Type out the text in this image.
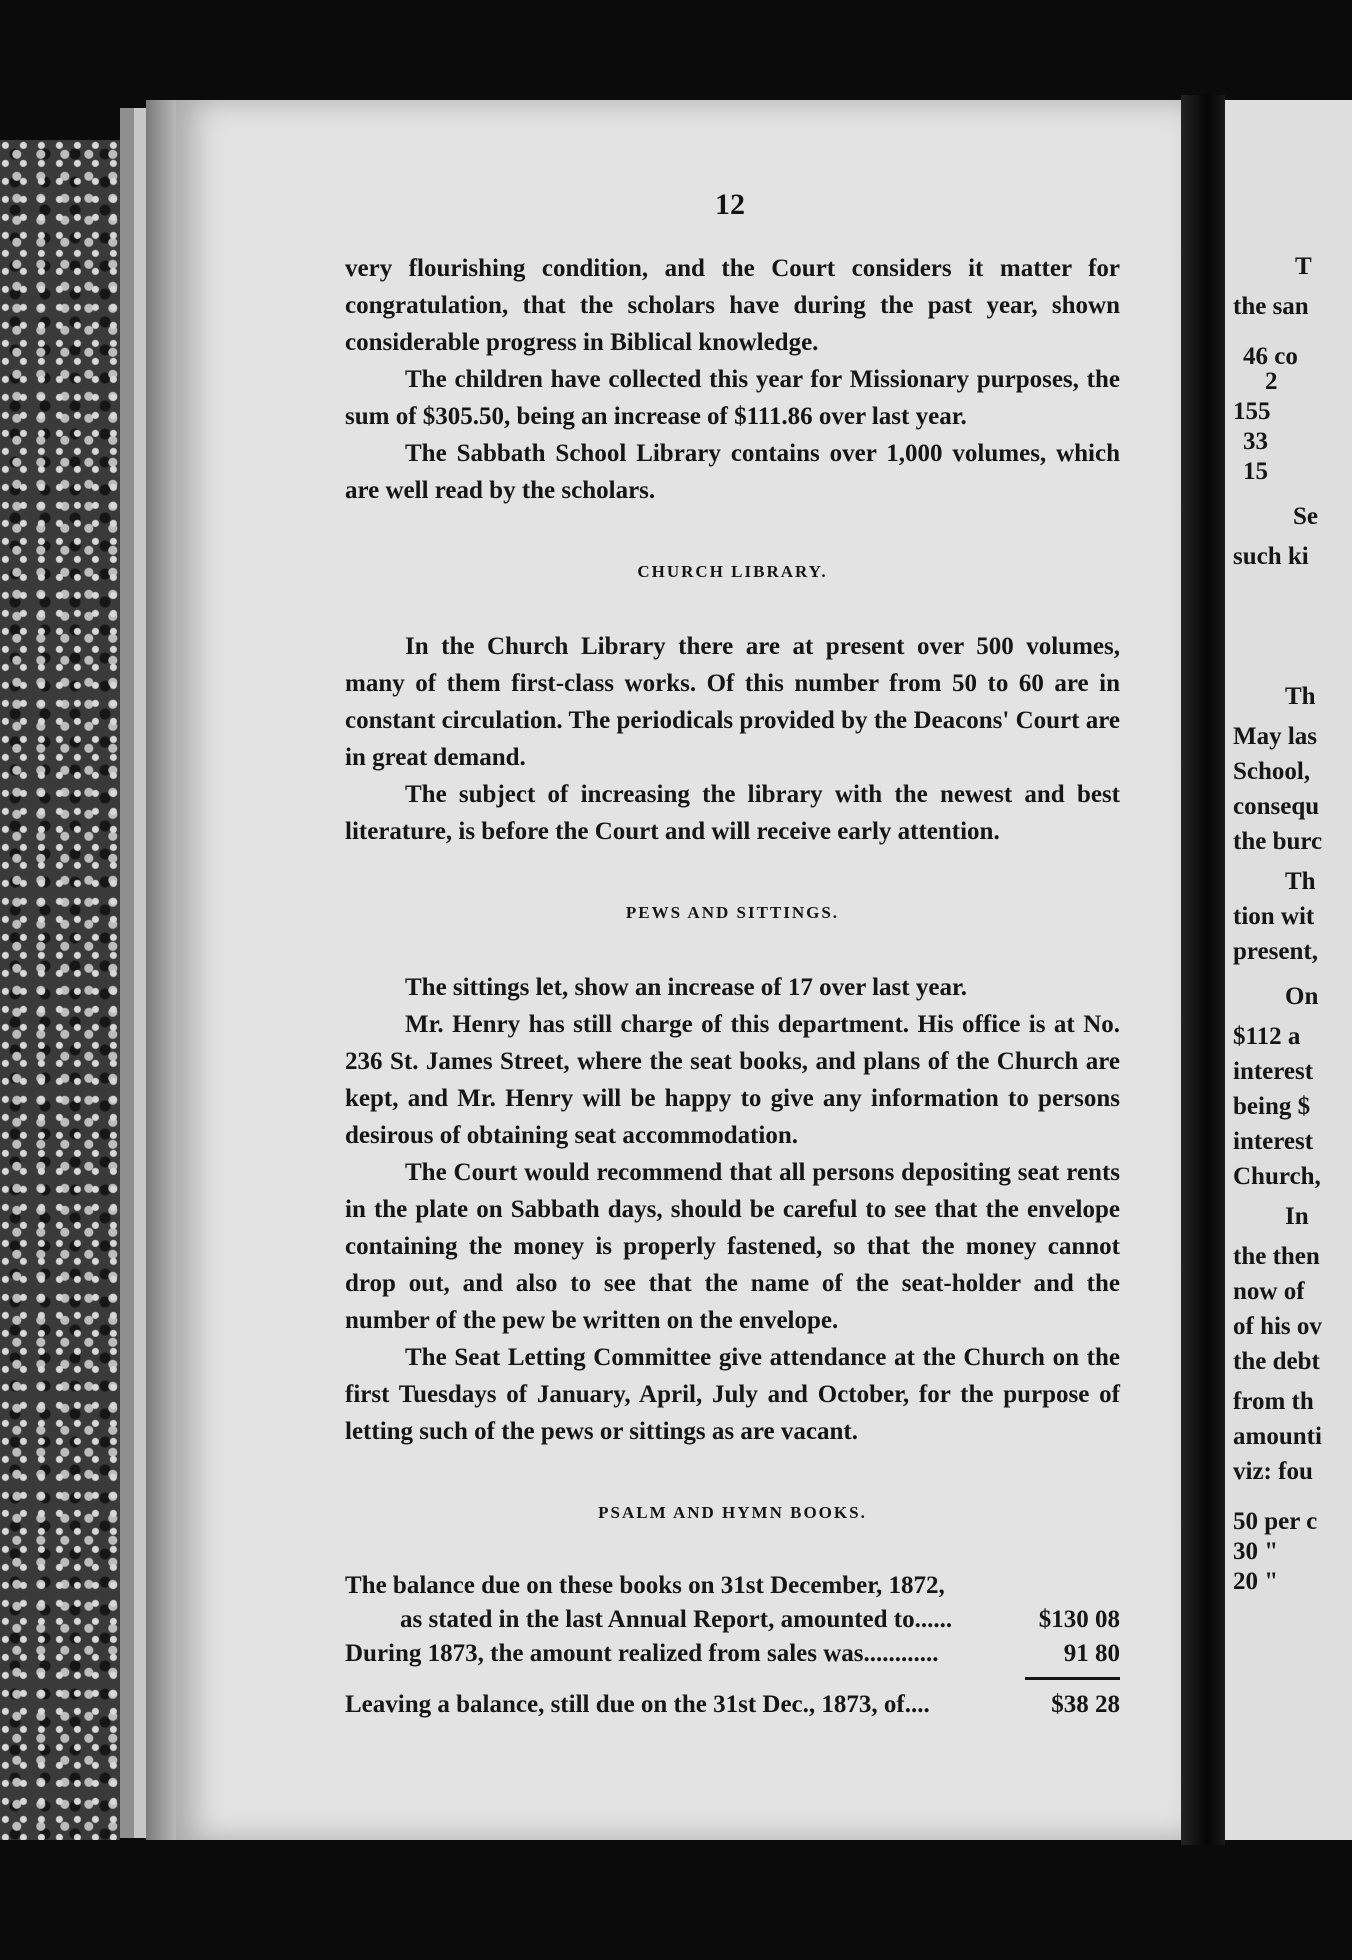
T
the san
46 co
2
155
33
15
Se
such ki
Th
May las
School,
consequ
the burc
Th
tion wit
present,
On
$112 a
interest
being $
interest
Church,
In
the then
now of
of his ov
the debt
from th
amounti
viz: fou
50 per c
30 "
20 "
12

very flourishing condition, and the Court considers it matter for congratulation, that the scholars have during the past year, shown considerable progress in Biblical knowledge.

The children have collected this year for Missionary purposes, the sum of $305.50, being an increase of $111.86 over last year.

The Sabbath School Library contains over 1,000 volumes, which are well read by the scholars.

CHURCH LIBRARY.

In the Church Library there are at present over 500 volumes, many of them first-class works. Of this number from 50 to 60 are in constant circulation. The periodicals provided by the Deacons' Court are in great demand.

The subject of increasing the library with the newest and best literature, is before the Court and will receive early attention.

PEWS AND SITTINGS.

The sittings let, show an increase of 17 over last year.

Mr. Henry has still charge of this department. His office is at No. 236 St. James Street, where the seat books, and plans of the Church are kept, and Mr. Henry will be happy to give any information to persons desirous of obtaining seat accommodation.

The Court would recommend that all persons depositing seat rents in the plate on Sabbath days, should be careful to see that the envelope containing the money is properly fastened, so that the money cannot drop out, and also to see that the name of the seat-holder and the number of the pew be written on the envelope.

The Seat Letting Committee give attendance at the Church on the first Tuesdays of January, April, July and October, for the purpose of letting such of the pews or sittings as are vacant.

PSALM AND HYMN BOOKS.
The balance due on these books on 31st December, 1872,
as stated in the last Annual Report, amounted to......	$130 08
During 1873, the amount realized from sales was............	91 80
Leaving a balance, still due on the 31st Dec., 1873, of....	$38 28
